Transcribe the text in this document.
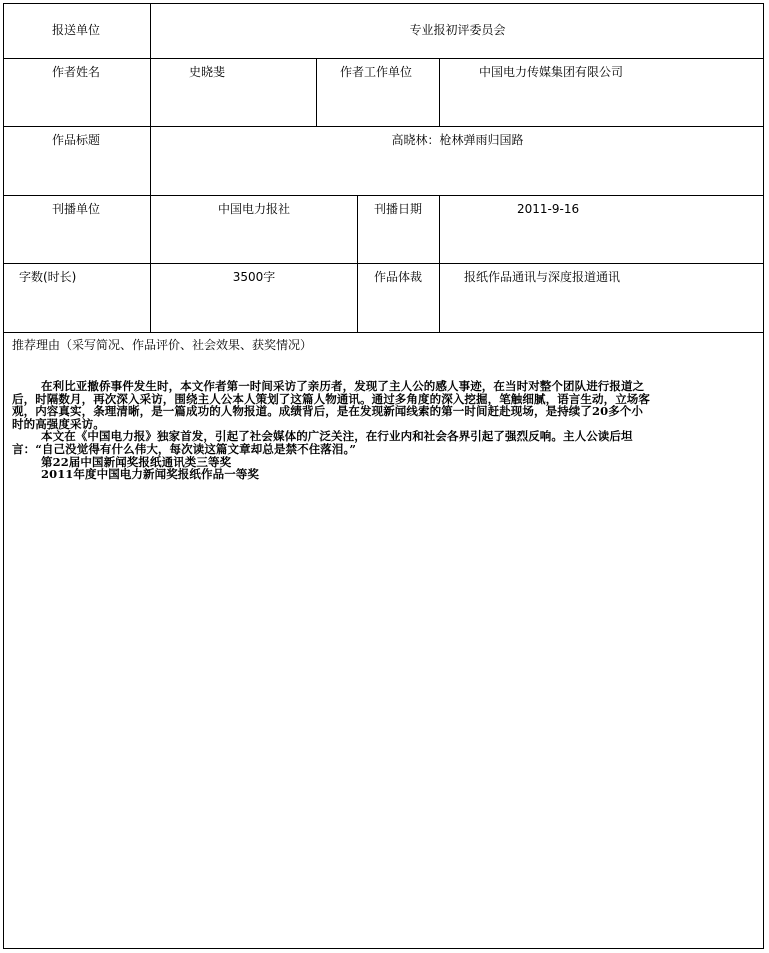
报送单位	专业报初评委员会
作者姓名	史晓斐	作者工作单位	中国电力传媒集团有限公司
作品标题	高晓林：枪林弹雨归国路
刊播单位	中国电力报社	刊播日期	2011-9-16
字数(时长)	3500字	作品体裁	报纸作品通讯与深度报道通讯
推荐理由（采写简况、作品评价、社会效果、获奖情况）

在利比亚撤侨事件发生时，本文作者第一时间采访了亲历者，发现了主人公的感人事迹，在当时对整个团队进行报道之后，时隔数月，再次深入采访，围绕主人公本人策划了这篇人物通讯。通过多角度的深入挖掘，笔触细腻，语言生动，立场客观，内容真实，条理清晰，是一篇成功的人物报道。成绩背后，是在发现新闻线索的第一时间赶赴现场，是持续了20多个小时的高强度采访。

本文在《中国电力报》独家首发，引起了社会媒体的广泛关注，在行业内和社会各界引起了强烈反响。主人公读后坦言：“自己没觉得有什么伟大，每次读这篇文章却总是禁不住落泪。”

第22届中国新闻奖报纸通讯类三等奖

2011年度中国电力新闻奖报纸作品一等奖
